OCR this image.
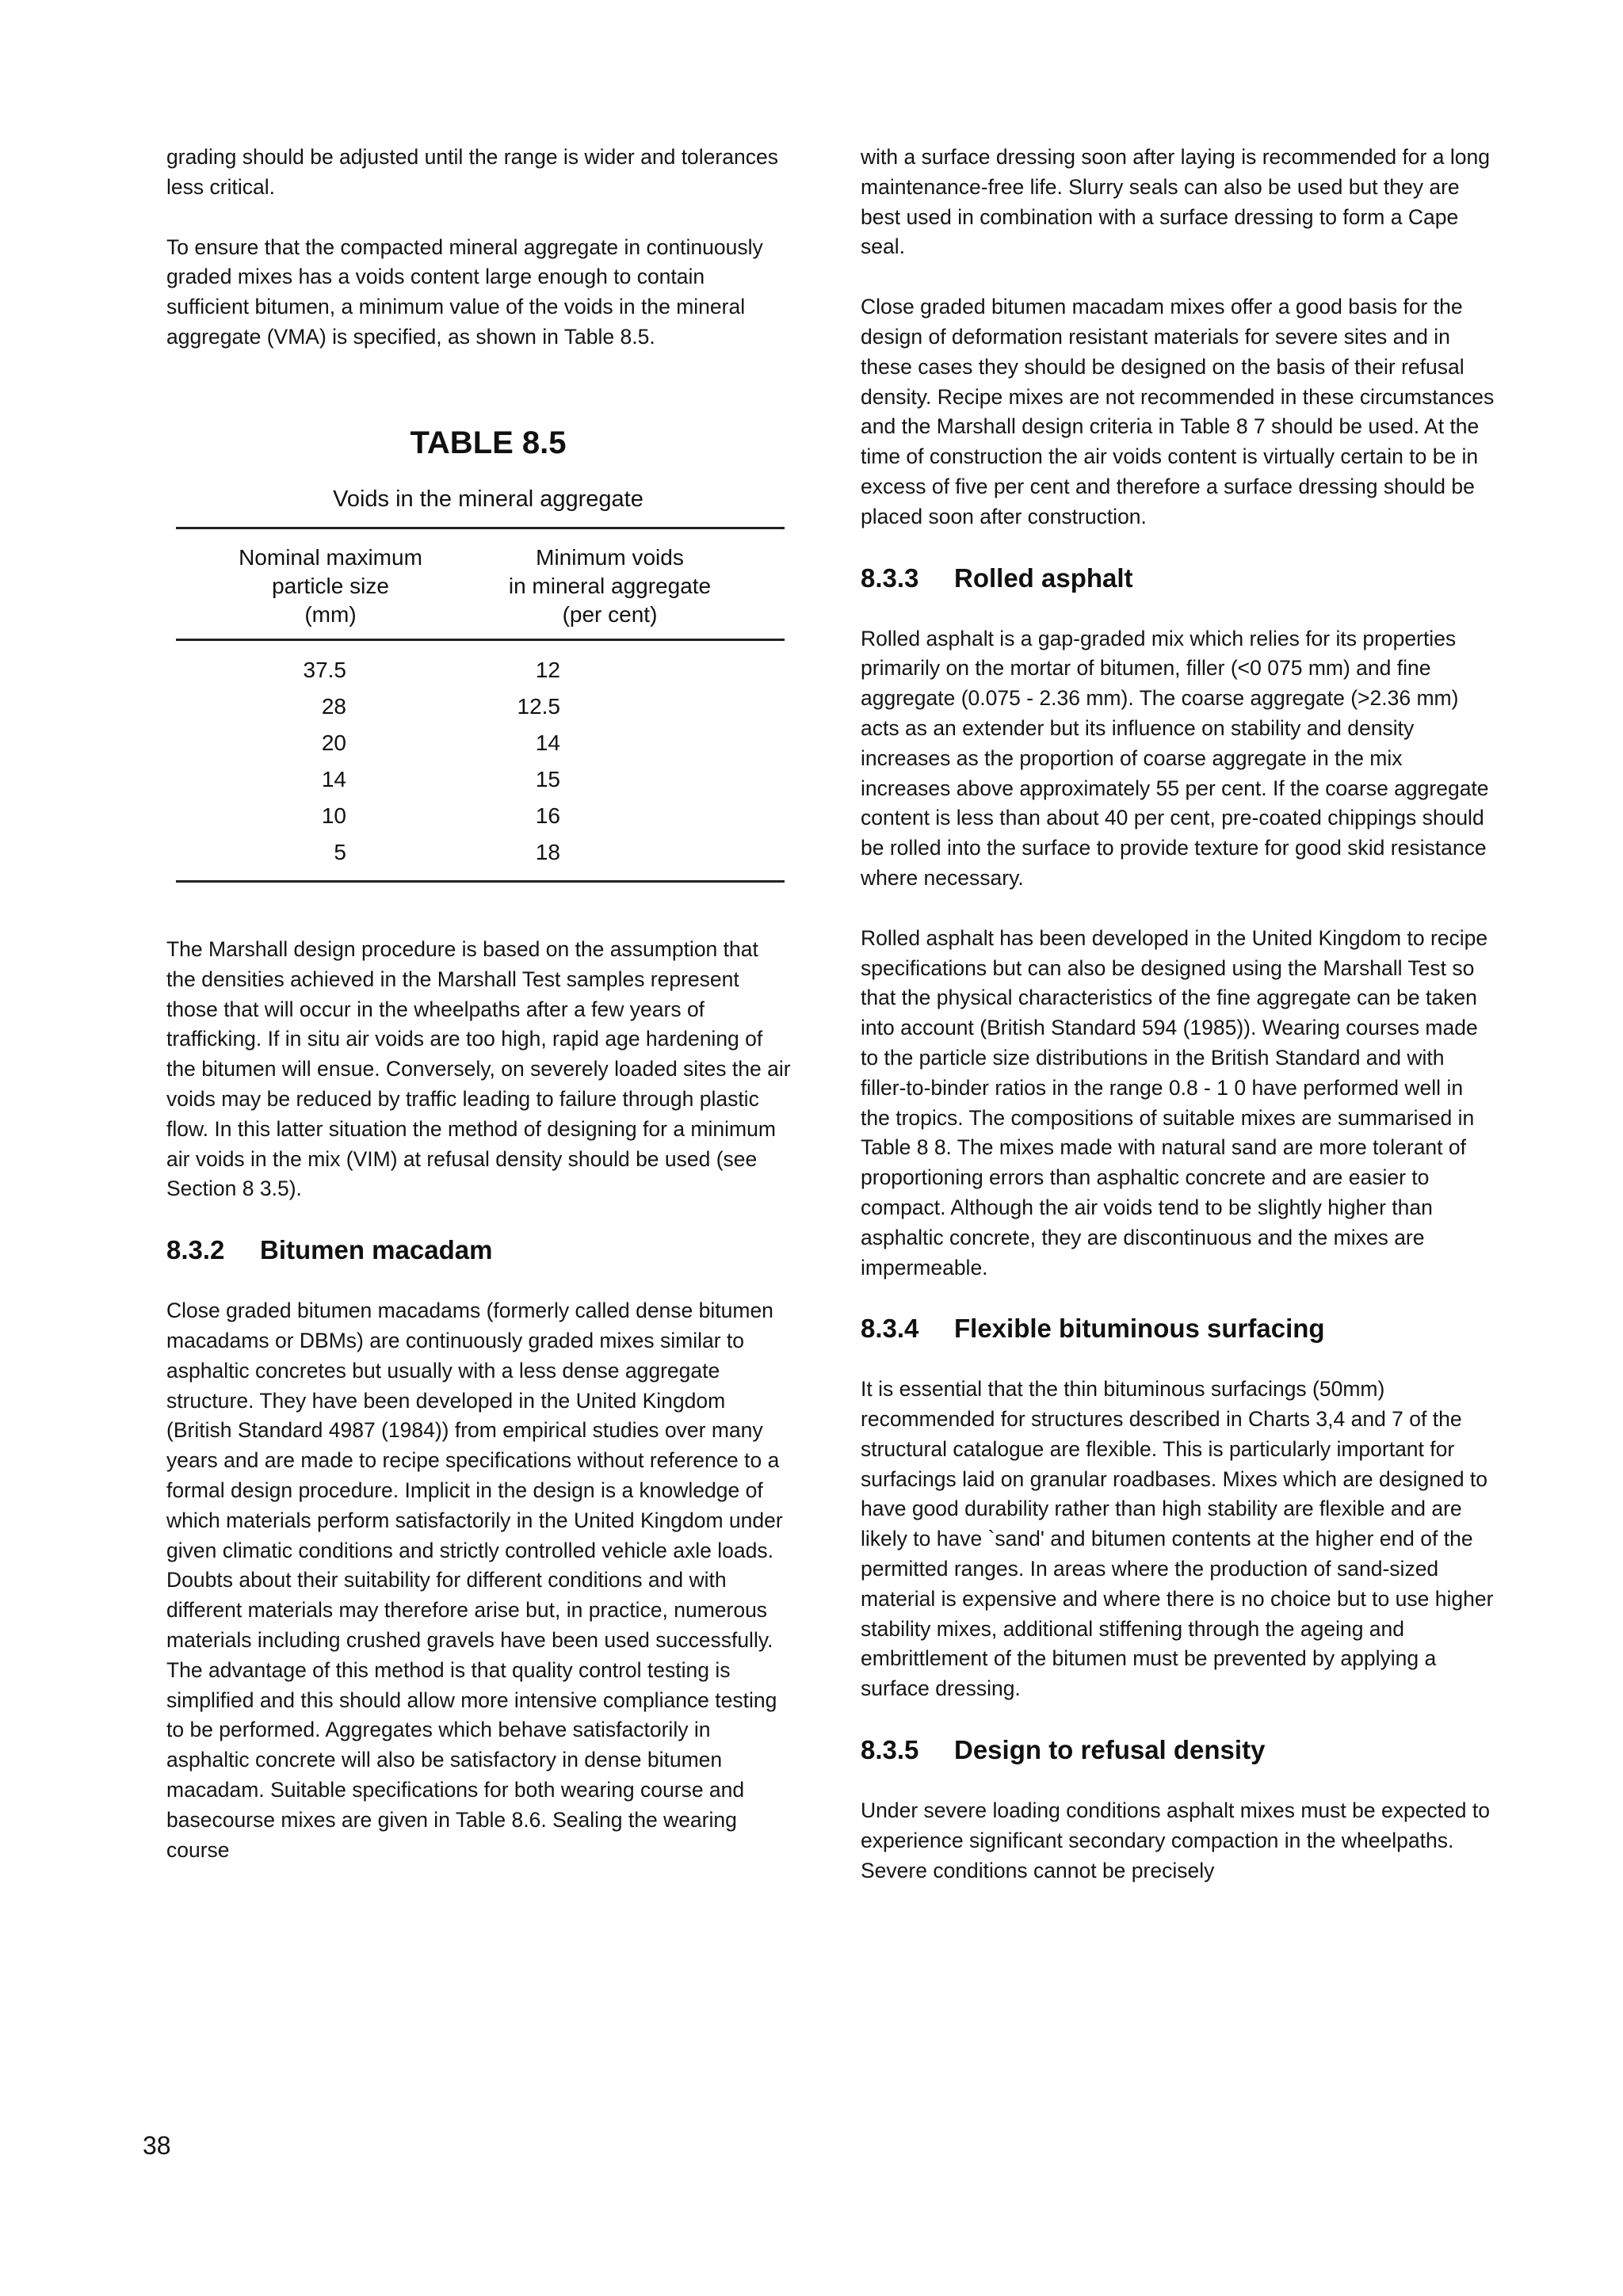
grading should be adjusted until the range is wider and tolerances less critical.

To ensure that the compacted mineral aggregate in continuously graded mixes has a voids content large enough to contain sufficient bitumen, a minimum value of the voids in the mineral aggregate (VMA) is specified, as shown in Table 8.5.

TABLE 8.5
Voids in the mineral aggregate
Nominal maximum
particle size
(mm)
Minimum voids
in mineral aggregate
(per cent)
37.5	12
28	12.5
20	14
14	15
10	16
5	18

The Marshall design procedure is based on the assumption that the densities achieved in the Marshall Test samples represent those that will occur in the wheelpaths after a few years of trafficking. If in situ air voids are too high, rapid age hardening of the bitumen will ensue. Conversely, on severely loaded sites the air voids may be reduced by traffic leading to failure through plastic flow. In this latter situation the method of designing for a minimum air voids in the mix (VIM) at refusal density should be used (see Section 8 3.5).

8.3.2 Bitumen macadam

Close graded bitumen macadams (formerly called dense bitumen macadams or DBMs) are continuously graded mixes similar to asphaltic concretes but usually with a less dense aggregate structure. They have been developed in the United Kingdom (British Standard 4987 (1984)) from empirical studies over many years and are made to recipe specifications without reference to a formal design procedure. Implicit in the design is a knowledge of which materials perform satisfactorily in the United Kingdom under given climatic conditions and strictly controlled vehicle axle loads. Doubts about their suitability for different conditions and with different materials may therefore arise but, in practice, numerous materials including crushed gravels have been used successfully. The advantage of this method is that quality control testing is simplified and this should allow more intensive compliance testing to be performed. Aggregates which behave satisfactorily in asphaltic concrete will also be satisfactory in dense bitumen macadam. Suitable specifications for both wearing course and basecourse mixes are given in Table 8.6. Sealing the wearing course

with a surface dressing soon after laying is recommended for a long maintenance-free life. Slurry seals can also be used but they are best used in combination with a surface dressing to form a Cape seal.

Close graded bitumen macadam mixes offer a good basis for the design of deformation resistant materials for severe sites and in these cases they should be designed on the basis of their refusal density. Recipe mixes are not recommended in these circumstances and the Marshall design criteria in Table 8 7 should be used. At the time of construction the air voids content is virtually certain to be in excess of five per cent and therefore a surface dressing should be placed soon after construction.

8.3.3 Rolled asphalt

Rolled asphalt is a gap-graded mix which relies for its properties primarily on the mortar of bitumen, filler (<0 075 mm) and fine aggregate (0.075 - 2.36 mm). The coarse aggregate (>2.36 mm) acts as an extender but its influence on stability and density increases as the proportion of coarse aggregate in the mix increases above approximately 55 per cent. If the coarse aggregate content is less than about 40 per cent, pre-coated chippings should be rolled into the surface to provide texture for good skid resistance where necessary.

Rolled asphalt has been developed in the United Kingdom to recipe specifications but can also be designed using the Marshall Test so that the physical characteristics of the fine aggregate can be taken into account (British Standard 594 (1985)). Wearing courses made to the particle size distributions in the British Standard and with filler-to-binder ratios in the range 0.8 - 1 0 have performed well in the tropics. The compositions of suitable mixes are summarised in Table 8 8. The mixes made with natural sand are more tolerant of proportioning errors than asphaltic concrete and are easier to compact. Although the air voids tend to be slightly higher than asphaltic concrete, they are discontinuous and the mixes are impermeable.

8.3.4 Flexible bituminous surfacing

It is essential that the thin bituminous surfacings (50mm) recommended for structures described in Charts 3,4 and 7 of the structural catalogue are flexible. This is particularly important for surfacings laid on granular roadbases. Mixes which are designed to have good durability rather than high stability are flexible and are likely to have `sand' and bitumen contents at the higher end of the permitted ranges. In areas where the production of sand-sized material is expensive and where there is no choice but to use higher stability mixes, additional stiffening through the ageing and embrittlement of the bitumen must be prevented by applying a surface dressing.

8.3.5 Design to refusal density

Under severe loading conditions asphalt mixes must be expected to experience significant secondary compaction in the wheelpaths. Severe conditions cannot be precisely

38
